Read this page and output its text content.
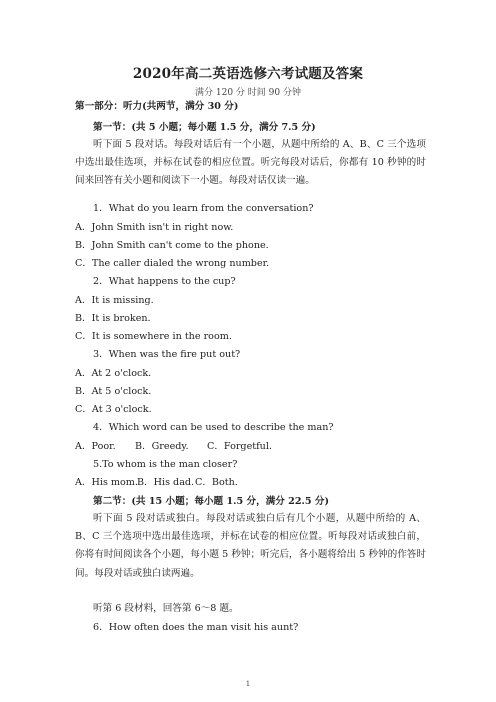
2020年高二英语选修六考试题及答案
满分 120 分 时间 90 分钟
第一部分：听力(共两节，满分 30 分)
第一节：(共 5 小题；每小题 1.5 分，满分 7.5 分)
听下面 5 段对话。每段对话后有一个小题，从题中所给的 A、B、C 三个选项中选出最佳选项，并标在试卷的相应位置。听完每段对话后，你都有 10 秒钟的时间来回答有关小题和阅读下一小题。每段对话仅读一遍。
1．What do you learn from the conversation?
A．John Smith isn't in right now.
B．John Smith can't come to the phone.
C．The caller dialed the wrong number.
2．What happens to the cup?
A．It is missing.
B．It is broken.
C．It is somewhere in the room.
3．When was the fire put out?
A．At 2 o'clock.
B．At 5 o'clock.
C．At 3 o'clock.
4．Which word can be used to describe the man?
A．Poor. B．Greedy. C．Forgetful.
5.To whom is the man closer?
A．His mom.B．His dad.C．Both.
第二节：(共 15 小题；每小题 1.5 分，满分 22.5 分)
听下面 5 段对话或独白。每段对话或独白后有几个小题，从题中所给的 A、B、C 三个选项中选出最佳选项，并标在试卷的相应位置。听每段对话或独白前，你将有时间阅读各个小题，每小题 5 秒钟；听完后，各小题将给出 5 秒钟的作答时间。每段对话或独白读两遍。
听第 6 段材料，回答第 6～8 题。
6．How often does the man visit his aunt?
1
